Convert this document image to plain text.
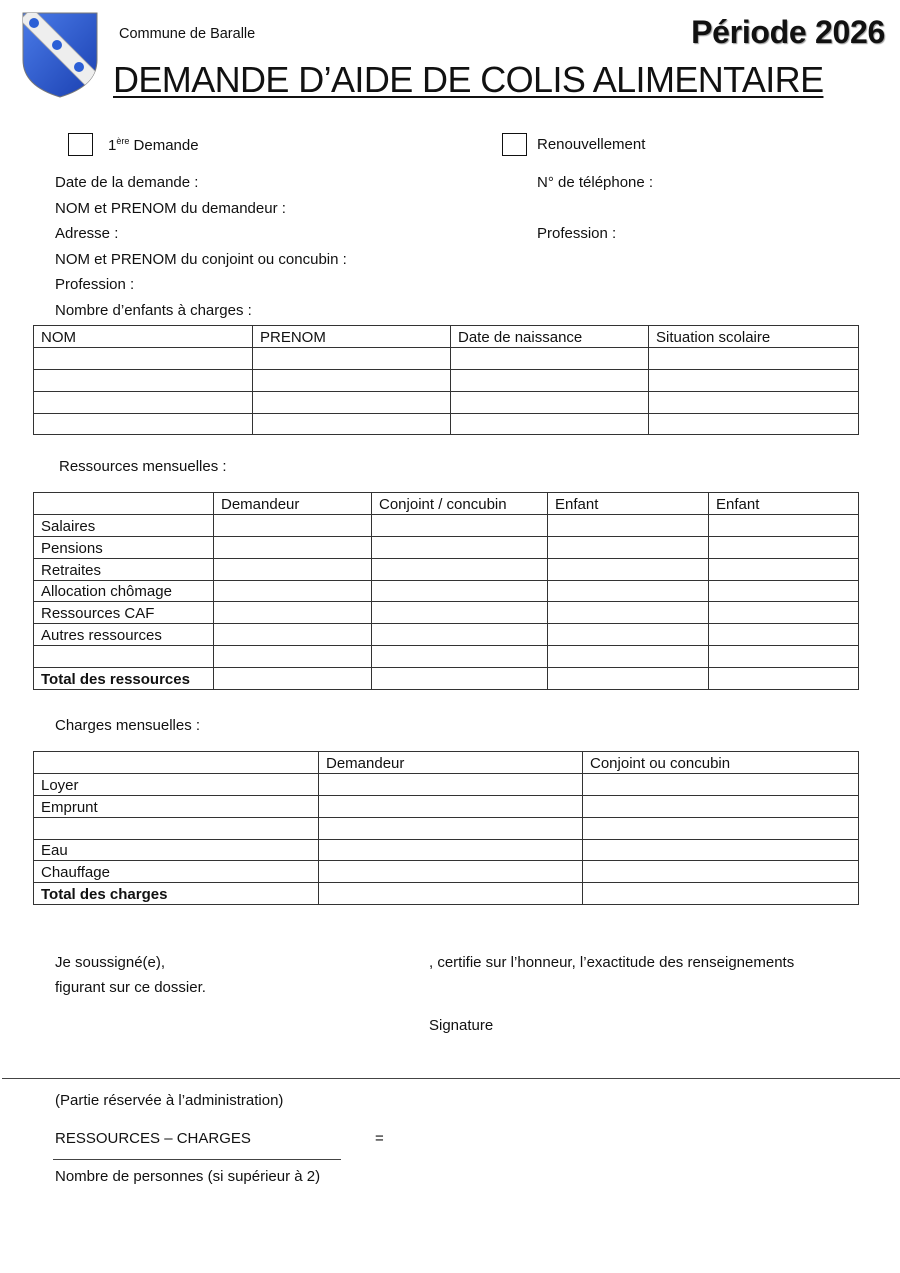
Commune de Baralle	Période 2026
DEMANDE D’AIDE DE COLIS ALIMENTAIRE
1ère Demande	Renouvellement
Date de la demande :
NOM et PRENOM du demandeur :
Adresse :
NOM et PRENOM du conjoint ou concubin :
Profession :
Nombre d’enfants à charges :
N° de téléphone :
Profession :
NOM	PRENOM	Date de naissance	Situation scolaire

Ressources mensuelles :
	Demandeur	Conjoint / concubin	Enfant	Enfant
Salaires				
Pensions				
Retraites				
Allocation chômage				
Ressources CAF				
Autres ressources				

Total des ressources				
Charges mensuelles :
	Demandeur	Conjoint ou concubin
Loyer		
Emprunt		

Eau		
Chauffage		
Total des charges		
Je soussigné(e),	, certifie sur l’honneur, l’exactitude des renseignements
figurant sur ce dossier.
Signature
(Partie réservée à l’administration)
RESSOURCES – CHARGES	=
Nombre de personnes (si supérieur à 2)
